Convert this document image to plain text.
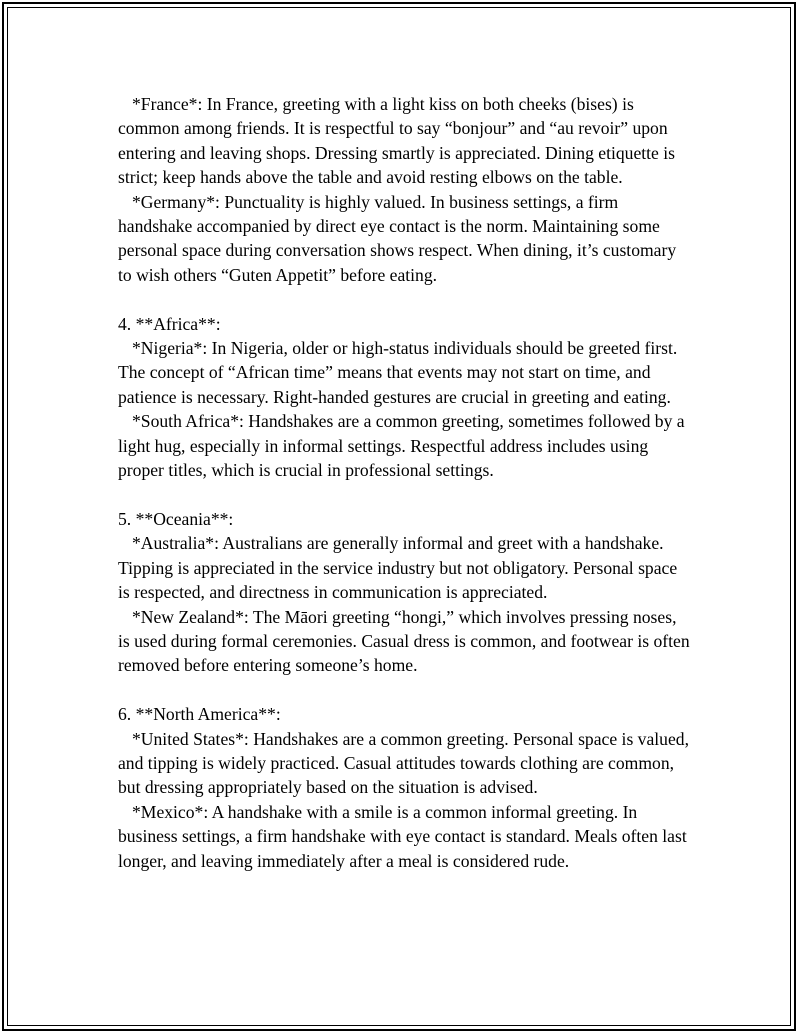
*France*: In France, greeting with a light kiss on both cheeks (bises) is common among friends. It is respectful to say “bonjour” and “au revoir” upon entering and leaving shops. Dressing smartly is appreciated. Dining etiquette is strict; keep hands above the table and avoid resting elbows on the table.

*Germany*: Punctuality is highly valued. In business settings, a firm handshake accompanied by direct eye contact is the norm. Maintaining some personal space during conversation shows respect. When dining, it’s customary to wish others “Guten Appetit” before eating.

4. **Africa**:

*Nigeria*: In Nigeria, older or high-status individuals should be greeted first. The concept of “African time” means that events may not start on time, and patience is necessary. Right-handed gestures are crucial in greeting and eating.

*South Africa*: Handshakes are a common greeting, sometimes followed by a light hug, especially in informal settings. Respectful address includes using proper titles, which is crucial in professional settings.

5. **Oceania**:

*Australia*: Australians are generally informal and greet with a handshake. Tipping is appreciated in the service industry but not obligatory. Personal space is respected, and directness in communication is appreciated.

*New Zealand*: The Māori greeting “hongi,” which involves pressing noses, is used during formal ceremonies. Casual dress is common, and footwear is often removed before entering someone’s home.

6. **North America**:

*United States*: Handshakes are a common greeting. Personal space is valued, and tipping is widely practiced. Casual attitudes towards clothing are common, but dressing appropriately based on the situation is advised.

*Mexico*: A handshake with a smile is a common informal greeting. In business settings, a firm handshake with eye contact is standard. Meals often last longer, and leaving immediately after a meal is considered rude.
